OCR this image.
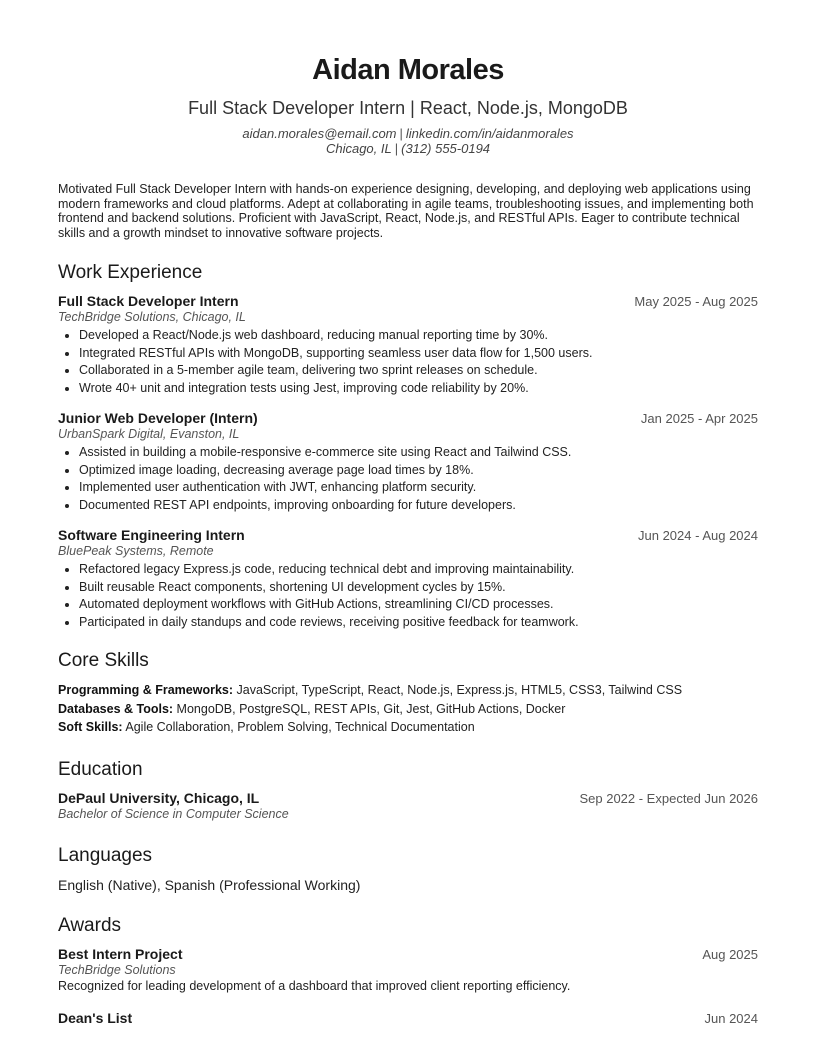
Aidan Morales
Full Stack Developer Intern | React, Node.js, MongoDB
aidan.morales@email.com | linkedin.com/in/aidanmorales
Chicago, IL | (312) 555-0194
Motivated Full Stack Developer Intern with hands-on experience designing, developing, and deploying web applications using modern frameworks and cloud platforms. Adept at collaborating in agile teams, troubleshooting issues, and implementing both frontend and backend solutions. Proficient with JavaScript, React, Node.js, and RESTful APIs. Eager to contribute technical skills and a growth mindset to innovative software projects.
Work Experience
Full Stack Developer Intern	May 2025 - Aug 2025
TechBridge Solutions, Chicago, IL
• Developed a React/Node.js web dashboard, reducing manual reporting time by 30%.
• Integrated RESTful APIs with MongoDB, supporting seamless user data flow for 1,500 users.
• Collaborated in a 5-member agile team, delivering two sprint releases on schedule.
• Wrote 40+ unit and integration tests using Jest, improving code reliability by 20%.
Junior Web Developer (Intern)	Jan 2025 - Apr 2025
UrbanSpark Digital, Evanston, IL
• Assisted in building a mobile-responsive e-commerce site using React and Tailwind CSS.
• Optimized image loading, decreasing average page load times by 18%.
• Implemented user authentication with JWT, enhancing platform security.
• Documented REST API endpoints, improving onboarding for future developers.
Software Engineering Intern	Jun 2024 - Aug 2024
BluePeak Systems, Remote
• Refactored legacy Express.js code, reducing technical debt and improving maintainability.
• Built reusable React components, shortening UI development cycles by 15%.
• Automated deployment workflows with GitHub Actions, streamlining CI/CD processes.
• Participated in daily standups and code reviews, receiving positive feedback for teamwork.
Core Skills
Programming & Frameworks: JavaScript, TypeScript, React, Node.js, Express.js, HTML5, CSS3, Tailwind CSS
Databases & Tools: MongoDB, PostgreSQL, REST APIs, Git, Jest, GitHub Actions, Docker
Soft Skills: Agile Collaboration, Problem Solving, Technical Documentation
Education
DePaul University, Chicago, IL	Sep 2022 - Expected Jun 2026
Bachelor of Science in Computer Science
Languages
English (Native), Spanish (Professional Working)
Awards
Best Intern Project	Aug 2025
TechBridge Solutions
Recognized for leading development of a dashboard that improved client reporting efficiency.
Dean's List	Jun 2024
